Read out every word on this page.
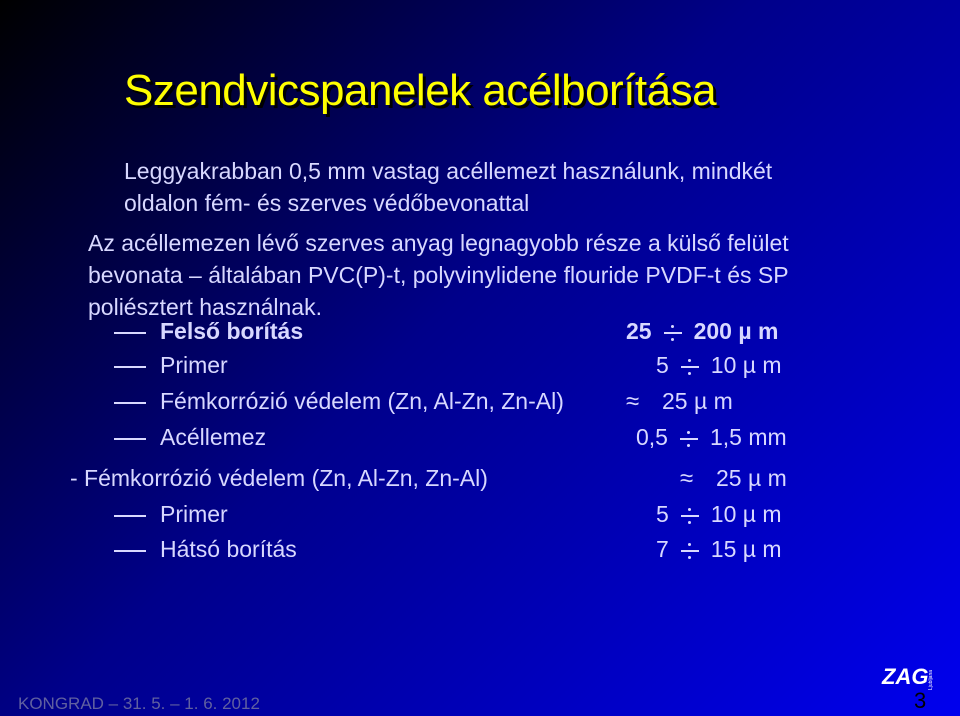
Szendvicspanelek acélborítása
Leggyakrabban 0,5 mm vastag acéllemezt használunk, mindkét
oldalon fém- és szerves védőbevonattal
Az acéllemezen lévő szerves anyag legnagyobb része a külső felület
bevonata – általában PVC(P)-t, polyvinylidene flouride PVDF-t és SP
poliésztert használnak.
Felső borítás	25 200 µ m
Primer	5 10 µ m
Fémkorrózió védelem (Zn, Al-Zn, Zn-Al)	≈ 25 µ m
Acéllemez	0,5 1,5 mm
- Fémkorrózió védelem (Zn, Al-Zn, Zn-Al)	≈ 25 µ m
Primer	5 10 µ m
Hátsó borítás	7 15 µ m
ZAG Ljubljana
KONGRAD – 31. 5. – 1. 6. 2012	3
